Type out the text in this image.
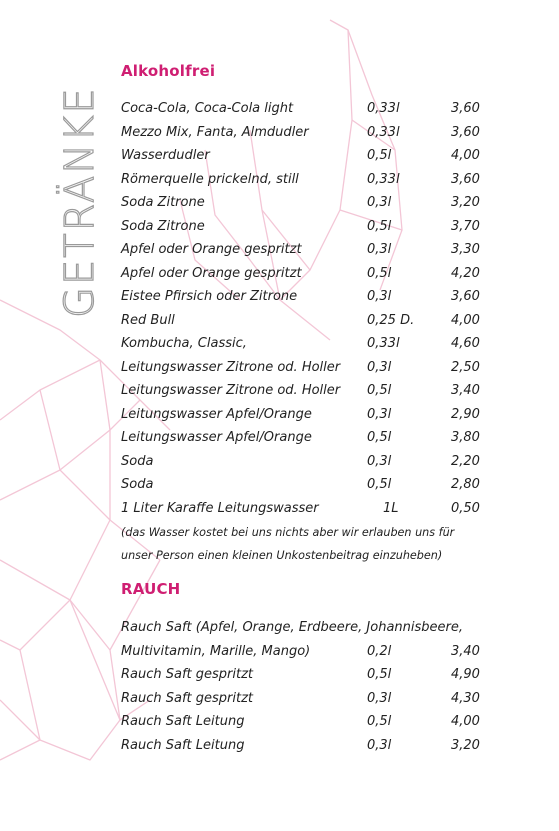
GETRÄNKE
Alkoholfrei
Coca-Cola, Coca-Cola light	0,33l	3,60
Mezzo Mix, Fanta, Almdudler	0,33l	3,60
Wasserdudler	0,5l	4,00
Römerquelle prickelnd, still	0,33l	3,60
Soda Zitrone	0,3l	3,20
Soda Zitrone	0,5l	3,70
Apfel oder Orange gespritzt	0,3l	3,30
Apfel oder Orange gespritzt	0,5l	4,20
Eistee Pfirsich oder Zitrone	0,3l	3,60
Red Bull	0,25 D.	4,00
Kombucha, Classic,	0,33l	4,60
Leitungswasser Zitrone od. Holler 0,3l	2,50
Leitungswasser Zitrone od. Holler 0,5l	3,40
Leitungswasser Apfel/Orange	0,3l	2,90
Leitungswasser Apfel/Orange	0,5l	3,80
Soda	0,3l	2,20
Soda	0,5l	2,80
1 Liter Karaffe Leitungswasser	1L	0,50
(das Wasser kostet bei uns nichts aber wir erlauben uns für
unser Person einen kleinen Unkostenbeitrag einzuheben)
RAUCH
Rauch Saft (Apfel, Orange, Erdbeere, Johannisbeere,
Multivitamin, Marille, Mango)	0,2l	3,40
Rauch Saft gespritzt	0,5l	4,90
Rauch Saft gespritzt	0,3l	4,30
Rauch Saft Leitung	0,5l	4,00
Rauch Saft Leitung	0,3l	3,20
